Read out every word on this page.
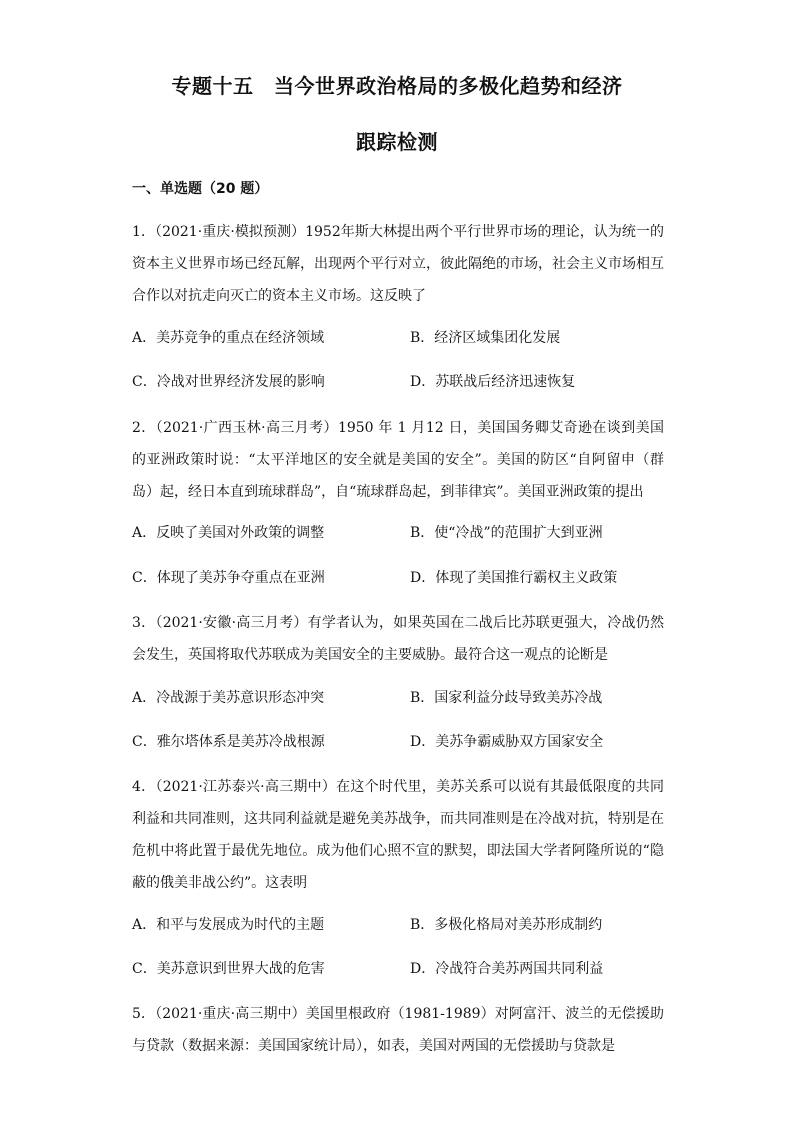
专题十五　当今世界政治格局的多极化趋势和经济
跟踪检测
一、单选题（20 题）
1．（2021·重庆·模拟预测）1952年斯大林提出两个平行世界市场的理论，认为统一的资本主义世界市场已经瓦解，出现两个平行对立，彼此隔绝的市场，社会主义市场相互合作以对抗走向灭亡的资本主义市场。这反映了
A．美苏竞争的重点在经济领域	B．经济区域集团化发展
C．冷战对世界经济发展的影响	D．苏联战后经济迅速恢复
2．（2021·广西玉林·高三月考）1950 年 1 月12 日，美国国务卿艾奇逊在谈到美国的亚洲政策时说：“太平洋地区的安全就是美国的安全”。美国的防区“自阿留申（群岛）起，经日本直到琉球群岛”，自“琉球群岛起，到菲律宾”。美国亚洲政策的提出
A．反映了美国对外政策的调整	B．使“冷战”的范围扩大到亚洲
C．体现了美苏争夺重点在亚洲	D．体现了美国推行霸权主义政策
3．（2021·安徽·高三月考）有学者认为，如果英国在二战后比苏联更强大，冷战仍然会发生，英国将取代苏联成为美国安全的主要威胁。最符合这一观点的论断是
A．冷战源于美苏意识形态冲突	B．国家利益分歧导致美苏冷战
C．雅尔塔体系是美苏冷战根源	D．美苏争霸威胁双方国家安全
4．（2021·江苏泰兴·高三期中）在这个时代里，美苏关系可以说有其最低限度的共同利益和共同准则，这共同利益就是避免美苏战争，而共同准则是在冷战对抗，特别是在危机中将此置于最优先地位。成为他们心照不宣的默契，即法国大学者阿隆所说的“隐蔽的俄美非战公约”。这表明
A．和平与发展成为时代的主题	B．多极化格局对美苏形成制约
C．美苏意识到世界大战的危害	D．冷战符合美苏两国共同利益
5．（2021·重庆·高三期中）美国里根政府（1981-1989）对阿富汗、波兰的无偿援助与贷款（数据来源：美国国家统计局），如表，美国对两国的无偿援助与贷款是
